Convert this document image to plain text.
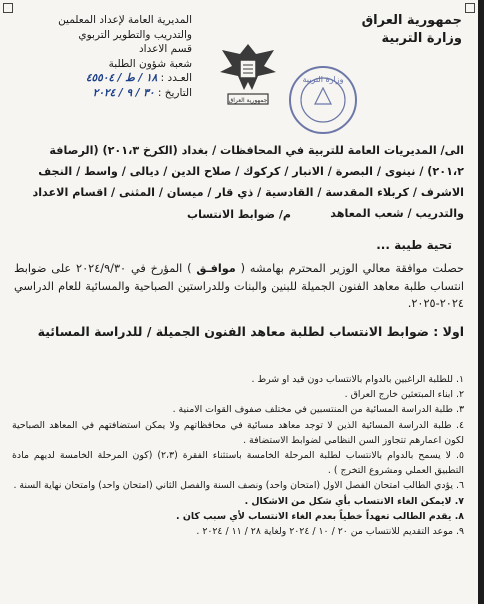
جمهورية العراق
وزارة التربية
جمهورية العراق
وزارة التربية
المديرية العامة لإعداد المعلمين
والتدريب والتطوير التربوي
قسم الاعداد
شعبة شؤون الطلبة
العـدد : ١٨ / ط / ٤٥٥٠٤
التاريخ : ٣٠ / ٩ / ٢٠٢٤
الى/ المديريات العامة للتربية في المحافظات / بغداد (الكرخ ٢٠١،٣) (الرصافة ٢٠١،٢) / نينوى / البصرة / الانبار / كركوك / صلاح الدين / ديالى / واسط / النجف الاشرف / كربلاء المقدسة / القادسية / ذي قار / ميسان / المثنى / اقسام الاعداد والتدريب / شعب المعاهد
م/ ضوابط الانتساب
تحية طيبة ...
حصلت موافقة معالي الوزير المحترم بهامشه ( موافـق ) المؤرخ في ٢٠٢٤/٩/٣٠ على ضوابط انتساب طلبة معاهد الفنون الجميلة للبنين والبنات وللدراستين الصباحية والمسائية للعام الدراسي ٢٠٢٤-٢٠٢٥.
اولا : ضوابط الانتساب لطلبة معاهد الفنون الجميلة / للدراسة المسائية
١. للطلبة الراغبين بالدوام بالانتساب دون قيد او شرط .
٢. ابناء المبتعثين خارج العراق .
٣. طلبة الدراسة المسائية من المنتسبين في مختلف صفوف القوات الامنية .
٤. طلبة الدراسة المسائية الذين لا توجد معاهد مسائية في محافظاتهم ولا يمكن استضافتهم في المعاهد الصباحية لكون اعمارهم تتجاوز السن النظامي لضوابط الاستضافة .
٥. لا يسمح بالدوام بالانتساب لطلبة المرحلة الخامسة باستثناء الفقرة (٢،٣) (كون المرحلة الخامسة لديهم مادة التطبيق العملي ومشروع التخرج ) .
٦. يؤدي الطالب امتحان الفصل الاول (امتحان واحد) ونصف السنة والفصل الثاني (امتحان واحد) وامتحان نهاية السنة .
٧. لايمكن الغاء الانتساب بأي شكل من الاشكال .
٨. يقدم الطالب تعهداً خطياً بعدم الغاء الانتساب لأي سبب كان .
٩. موعد التقديم للانتساب من ٢٠ / ١٠ / ٢٠٢٤ ولغاية ٢٨ / ١١ / ٢٠٢٤ .
